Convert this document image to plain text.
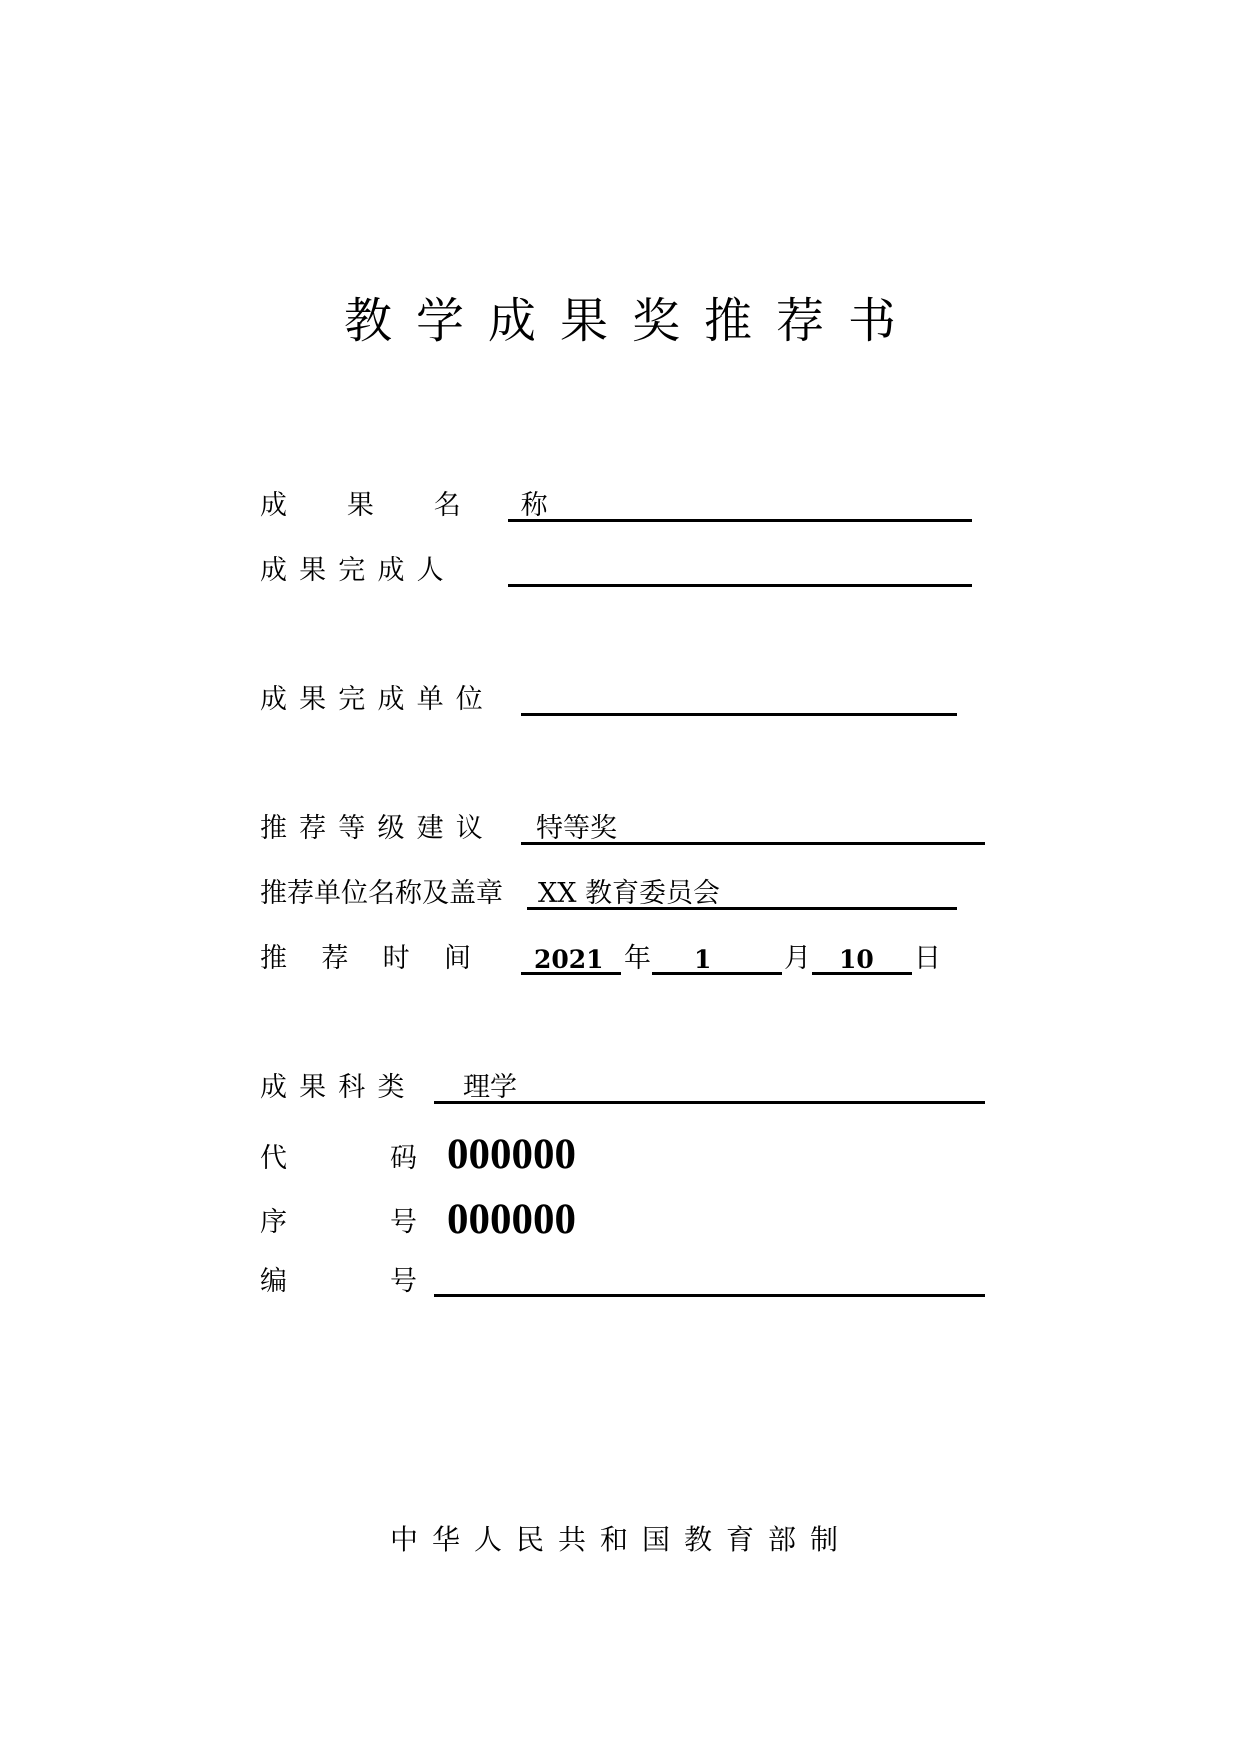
教学成果奖推荐书
成 果 名 称
成果完成人
成果完成单位
推荐等级建议 特等奖
推荐单位名称及盖章 XX 教育委员会
推    荐    时    间	2021 年 1	月 10 日
成果科类 理学
代	码 000000
序	号 000000
编	号
中华人民共和国教育部制
